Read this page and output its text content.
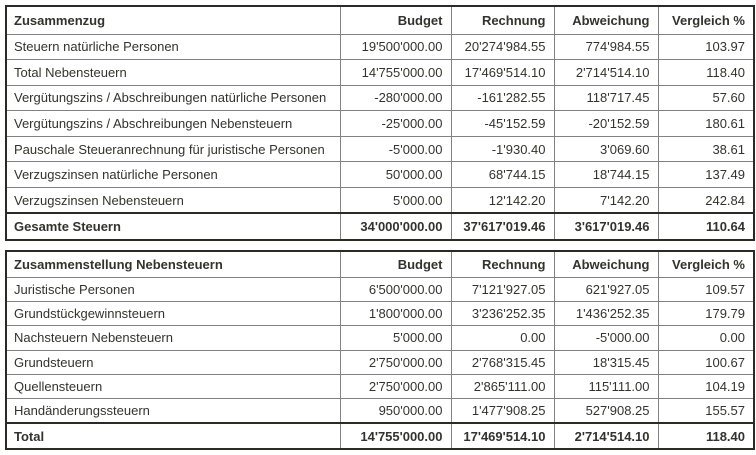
Zusammenzug	Budget	Rechnung	Abweichung	Vergleich %
Steuern natürliche Personen	19'500'000.00	20'274'984.55	774'984.55	103.97
Total Nebensteuern	14'755'000.00	17'469'514.10	2'714'514.10	118.40
Vergütungszins / Abschreibungen natürliche Personen	-280'000.00	-161'282.55	118'717.45	57.60
Vergütungszins / Abschreibungen Nebensteuern	-25'000.00	-45'152.59	-20'152.59	180.61
Pauschale Steueranrechnung für juristische Personen	-5'000.00	-1'930.40	3'069.60	38.61
Verzugszinsen natürliche Personen	50'000.00	68'744.15	18'744.15	137.49
Verzugszinsen Nebensteuern	5'000.00	12'142.20	7'142.20	242.84
Gesamte Steuern	34'000'000.00	37'617'019.46	3'617'019.46	110.64
Zusammenstellung Nebensteuern	Budget	Rechnung	Abweichung	Vergleich %
Juristische Personen	6'500'000.00	7'121'927.05	621'927.05	109.57
Grundstückgewinnsteuern	1'800'000.00	3'236'252.35	1'436'252.35	179.79
Nachsteuern Nebensteuern	5'000.00	0.00	-5'000.00	0.00
Grundsteuern	2'750'000.00	2'768'315.45	18'315.45	100.67
Quellensteuern	2'750'000.00	2'865'111.00	115'111.00	104.19
Handänderungssteuern	950'000.00	1'477'908.25	527'908.25	155.57
Total	14'755'000.00	17'469'514.10	2'714'514.10	118.40
